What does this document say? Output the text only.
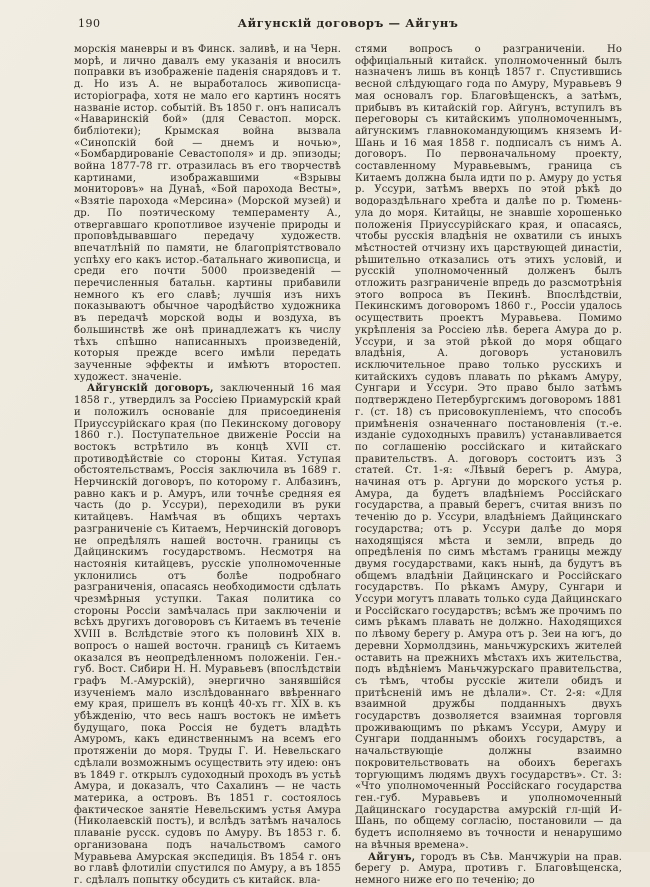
190	Айгунскій договоръ — Айгунъ

морскія маневры и въ Финск. заливѣ, и на Черн. морѣ, и лично давалъ ему указанія и вносилъ поправки въ изображеніе паденія снарядовъ и т. д. Но изъ А. не выработалось живописца-исторіографа, хотя не мало его картинъ носятъ названіе истор. событій. Въ 1850 г. онъ написалъ «Наваринскій бой» (для Севастоп. морск. библіотеки); Крымская война вызвала «Синопскій бой — днемъ и ночью», «Бомбардированіе Севастополя» и др. эпизоды; война 1877-78 гг. отразилась въ его творчествѣ картинами, изображавшими «Взрывы мониторовъ» на Дунаѣ, «Бой парохода Весты», «Взятіе парохода «Мерсина» (Морской музей) и др. По поэтическому темпераменту А., отвергавшаго кропотливое изученіе природы и проповѣдывавшаго передачу художеств. впечатлѣній по памяти, не благопріятствовало успѣху его какъ истор.-батальнаго живописца, и среди его почти 5000 произведеній — перечисленныя батальн. картины прибавили немного къ его славѣ; лучшія изъ нихъ показываютъ обычное чародѣйство художника въ передачѣ морской воды и воздуха, въ большинствѣ же онѣ принадлежатъ къ числу тѣхъ спѣшно написанныхъ произведеній, которыя прежде всего имѣли передать заученные эффекты и имѣютъ второстеп. художест. значеніе.

Айгунскій договоръ, заключенный 16 мая 1858 г., утвердилъ за Россіею Приамурскій край и положилъ основаніе для присоединенія Приуссурійскаго края (по Пекинскому договору 1860 г.). Поступательное движеніе Россіи на востокъ встрѣтило въ концѣ XVII ст. противодѣйствіе со стороны Китая. Уступая обстоятельствамъ, Россія заключила въ 1689 г. Нерчинскій договоръ, по которому г. Албазинъ, равно какъ и р. Амуръ, или точнѣе средняя ея часть (до р. Уссури), переходили въ руки китайцевъ. Намѣчая въ общихъ чертахъ разграниченіе съ Китаемъ, Нерчинскій договоръ не опредѣлялъ нашей восточн. границы съ Дайцинскимъ государствомъ. Несмотря на настоянія китайцевъ, русскіе уполномоченные уклонились отъ болѣе подробнаго разграниченія, опасаясь необходимости сдѣлать чрезмѣрныя уступки. Такая политика со стороны Россіи замѣчалась при заключеніи и всѣхъ другихъ договоровъ съ Китаемъ въ теченіе XVIII в. Вслѣдствіе этого къ половинѣ XIX в. вопросъ о нашей восточн. границѣ съ Китаемъ оказался въ неопредѣленномъ положеніи. Ген.-губ. Вост. Сибири Н. Н. Муравьевъ (впослѣдствіи графъ М.-Амурскій), энергично занявшійся изученіемъ мало изслѣдованнаго ввѣреннаго ему края, пришелъ въ концѣ 40-хъ гг. XIX в. къ убѣжденію, что весь нашъ востокъ не имѣетъ будущаго, пока Россія не будетъ владѣть Амуромъ, какъ единственнымъ на всемъ его протяженіи до моря. Труды Г. И. Невельскаго сдѣлали возможнымъ осуществить эту идею: онъ въ 1849 г. открылъ судоходный проходъ въ устьѣ Амура, и доказалъ, что Сахалинъ — не часть материка, а островъ. Въ 1851 г. состоялось фактическое занятіе Невельскимъ устья Амура (Николаевскій постъ), и вслѣдъ затѣмъ началось плаваніе русск. судовъ по Амуру. Въ 1853 г. б. организована подъ начальствомъ самого Муравьева Амурская экспедиція. Въ 1854 г. онъ во главѣ флотиліи спустился по Амуру, а въ 1855 г. сдѣлалъ попытку обсудить съ китайск. вла-

стями вопросъ о разграниченіи. Но оффиціальный китайск. уполномоченный былъ назначенъ лишь въ концѣ 1857 г. Спустившись весной слѣдующаго года по Амуру, Муравьевъ 9 мая основалъ гор. Благовѣщенскъ, а затѣмъ, прибывъ въ китайскій гор. Айгунъ, вступилъ въ переговоры съ китайскимъ уполномоченнымъ, айгунскимъ главнокомандующимъ княземъ И-Шань и 16 мая 1858 г. подписалъ съ нимъ А. договоръ. По первоначальному проекту, составленному Муравьевымъ, граница съ Китаемъ должна была идти по р. Амуру до устья р. Уссури, затѣмъ вверхъ по этой рѣкѣ до водораздѣльнаго хребта и далѣе по р. Тюмень-ула до моря. Китайцы, не знавшіе хорошенько положенія Приуссурійскаго края, и опасаясь, чтобы русскія владѣнія не охватили съ иныхъ мѣстностей отчизну ихъ царствующей династіи, рѣшительно отказались отъ этихъ условій, и русскій уполномоченный долженъ былъ отложить разграниченіе впредь до разсмотрѣнія этого вопроса въ Пекинѣ. Впослѣдствіи, Пекинскимъ договоромъ 1860 г., Россіи удалось осуществить проектъ Муравьева. Помимо укрѣпленія за Россіею лѣв. берега Амура до р. Уссури, и за этой рѣкой до моря общаго владѣнія, А. договоръ установилъ исключительное право только русскихъ и китайскихъ судовъ плавать по рѣкамъ Амуру, Сунгари и Уссури. Это право было затѣмъ подтверждено Петербургскимъ договоромъ 1881 г. (ст. 18) съ присовокупленіемъ, что способъ примѣненія означеннаго постановленія (т.-е. изданіе судоходныхъ правилъ) устанавливается по соглашенію россійскаго и китайскаго правительствъ. А. договоръ состоитъ изъ 3 статей. Ст. 1-я: «Лѣвый берегъ р. Амура, начиная отъ р. Аргуни до морского устья р. Амура, да будетъ владѣніемъ Россійскаго государства, а правый берегъ, считая внизъ по теченію до р. Уссури, владѣніемъ Дайцинскаго государства; отъ р. Уссури далѣе до моря находящіяся мѣста и земли, впредь до опредѣленія по симъ мѣстамъ границы между двумя государствами, какъ нынѣ, да будутъ въ общемъ владѣніи Дайцинскаго и Россійскаго государствъ. По рѣкамъ Амуру, Сунгари и Уссури могутъ плавать только суда Дайцинскаго и Россійскаго государствъ; всѣмъ же прочимъ по симъ рѣкамъ плавать не должно. Находящихся по лѣвому берегу р. Амура отъ р. Зеи на югъ, до деревни Хормолдзинь, маньчжурскихъ жителей оставить на прежнихъ мѣстахъ ихъ жительства, подъ вѣдѣніемъ Маньчжурскаго правительства, съ тѣмъ, чтобы русскіе жители обидъ и притѣсненій имъ не дѣлали». Ст. 2-я: «Для взаимной дружбы подданныхъ двухъ государствъ дозволяется взаимная торговля проживающимъ по рѣкамъ Уссури, Амуру и Сунгари подданнымъ обоихъ государствъ, а начальствующіе должны взаимно покровительствовать на обоихъ берегахъ торгующимъ людямъ двухъ государствъ». Ст. 3: «Что уполномоченный Россійскаго государства ген.-губ. Муравьевъ и уполномоченный Дайцинскаго государства амурскій гл-щій И-Шань, по общему согласію, постановили — да будетъ исполняемо въ точности и ненарушимо на вѣчныя времена».

Айгунъ, городъ въ Сѣв. Манчжуріи на прав. берегу р. Амура, противъ г. Благовѣщенска, немного ниже его по теченію; до
